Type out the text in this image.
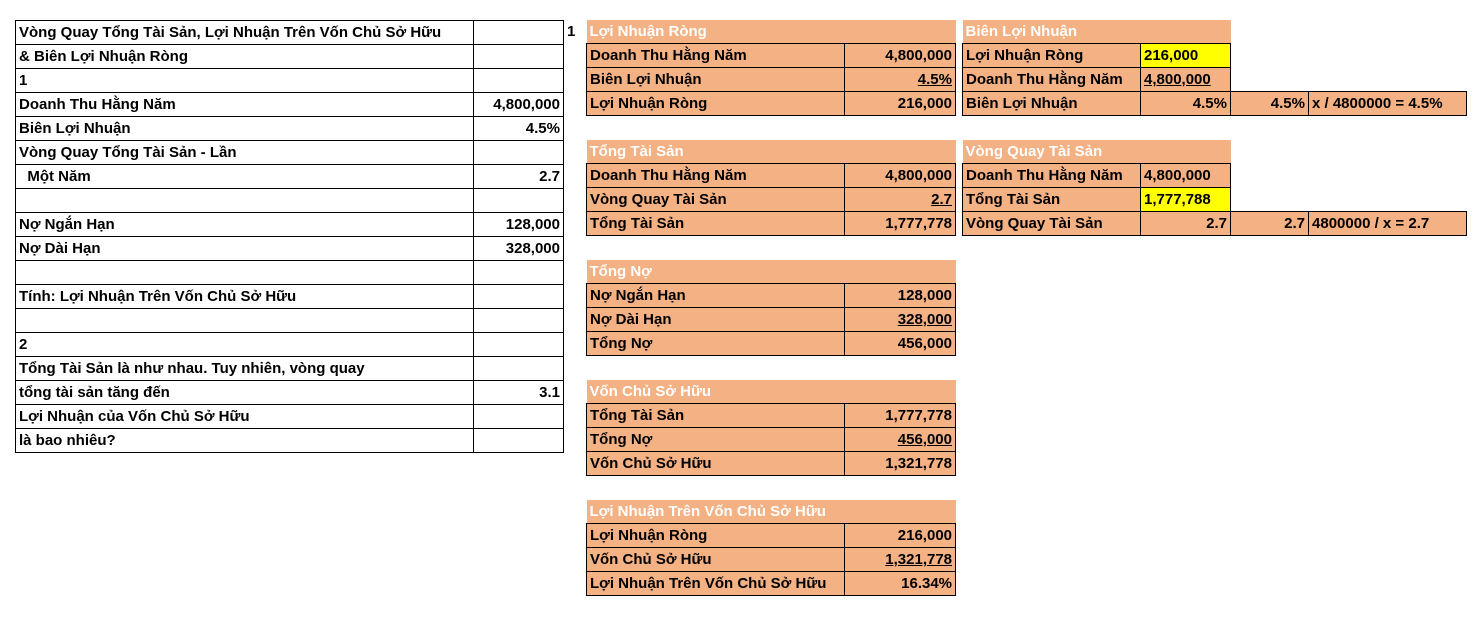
Vòng Quay Tổng Tài Sản, Lợi Nhuận Trên Vốn Chủ Sở Hữu	
& Biên Lợi Nhuận Ròng	
1	
Doanh Thu Hằng Năm	4,800,000
Biên Lợi Nhuận	4.5%
Vòng Quay Tổng Tài Sản - Lần	
Một Năm	2.7

Nợ Ngắn Hạn	128,000
Nợ Dài Hạn	328,000

Tính: Lợi Nhuận Trên Vốn Chủ Sở Hữu	

2	
Tổng Tài Sản là như nhau. Tuy nhiên, vòng quay	
tổng tài sản tăng đến	3.1
Lợi Nhuận của Vốn Chủ Sở Hữu	
là bao nhiêu?	
1 Lợi Nhuận Ròng	
Doanh Thu Hằng Năm	4,800,000
Biên Lợi Nhuận	4.5%
Lợi Nhuận Ròng	216,000
Tổng Tài Sản	
Doanh Thu Hằng Năm	4,800,000
Vòng Quay Tài Sản	2.7
Tổng Tài Sản	1,777,778
Tổng Nợ	
Nợ Ngắn Hạn	128,000
Nợ Dài Hạn	328,000
Tổng Nợ	456,000
Vốn Chủ Sở Hữu	
Tổng Tài Sản	1,777,778
Tổng Nợ	456,000
Vốn Chủ Sở Hữu	1,321,778
Lợi Nhuận Trên Vốn Chủ Sở Hữu	
Lợi Nhuận Ròng	216,000
Vốn Chủ Sở Hữu	1,321,778
Lợi Nhuận Trên Vốn Chủ Sở Hữu	16.34%
Biên Lợi Nhuận			
Lợi Nhuận Ròng	216,000		
Doanh Thu Hằng Năm	4,800,000		
Biên Lợi Nhuận	4.5%	4.5%	x / 4800000 = 4.5%
Vòng Quay Tài Sản			
Doanh Thu Hằng Năm	4,800,000		
Tổng Tài Sản	1,777,788		
Vòng Quay Tài Sản	2.7	2.7	4800000 / x = 2.7
